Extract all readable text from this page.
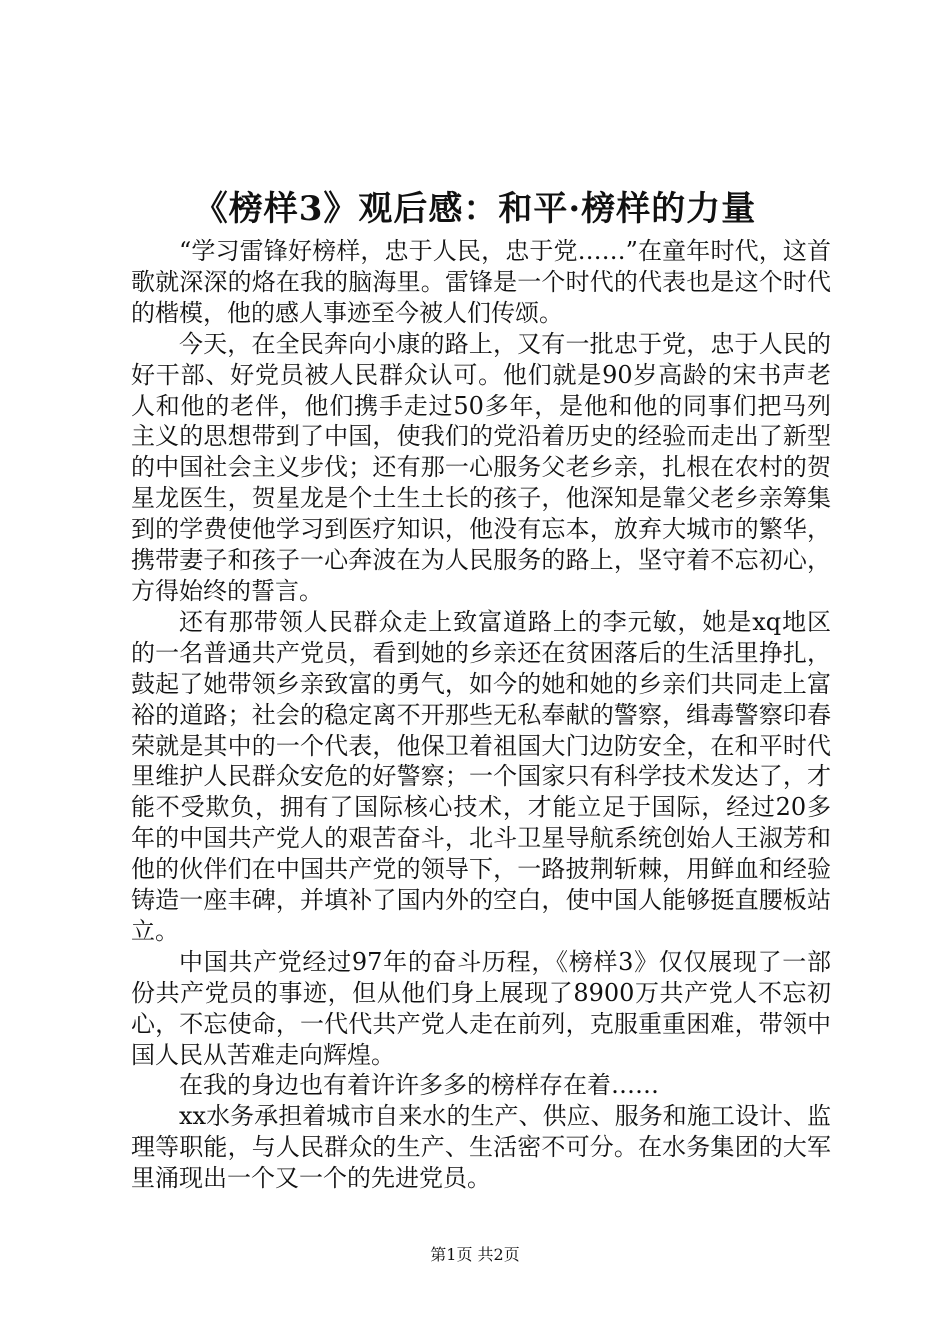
《榜样3》观后感：和平·榜样的力量

“学习雷锋好榜样，忠于人民，忠于党……”在童年时代，这首歌就深深的烙在我的脑海里。雷锋是一个时代的代表也是这个时代的楷模，他的感人事迹至今被人们传颂。

今天，在全民奔向小康的路上，又有一批忠于党，忠于人民的好干部、好党员被人民群众认可。他们就是90岁高龄的宋书声老人和他的老伴，他们携手走过50多年，是他和他的同事们把马列主义的思想带到了中国，使我们的党沿着历史的经验而走出了新型的中国社会主义步伐；还有那一心服务父老乡亲，扎根在农村的贺星龙医生，贺星龙是个土生土长的孩子，他深知是靠父老乡亲筹集到的学费使他学习到医疗知识，他没有忘本，放弃大城市的繁华，携带妻子和孩子一心奔波在为人民服务的路上，坚守着不忘初心，方得始终的誓言。

还有那带领人民群众走上致富道路上的李元敏，她是xq地区的一名普通共产党员，看到她的乡亲还在贫困落后的生活里挣扎，鼓起了她带领乡亲致富的勇气，如今的她和她的乡亲们共同走上富裕的道路；社会的稳定离不开那些无私奉献的警察，缉毒警察印春荣就是其中的一个代表，他保卫着祖国大门边防安全，在和平时代里维护人民群众安危的好警察；一个国家只有科学技术发达了，才能不受欺负，拥有了国际核心技术，才能立足于国际，经过20多年的中国共产党人的艰苦奋斗，北斗卫星导航系统创始人王淑芳和他的伙伴们在中国共产党的领导下，一路披荆斩棘，用鲜血和经验铸造一座丰碑，并填补了国内外的空白，使中国人能够挺直腰板站立。

中国共产党经过97年的奋斗历程，《榜样3》仅仅展现了一部份共产党员的事迹，但从他们身上展现了8900万共产党人不忘初心，不忘使命，一代代共产党人走在前列，克服重重困难，带领中国人民从苦难走向辉煌。

在我的身边也有着许许多多的榜样存在着……

xx水务承担着城市自来水的生产、供应、服务和施工设计、监理等职能，与人民群众的生产、生活密不可分。在水务集团的大军里涌现出一个又一个的先进党员。

第1页 共2页
